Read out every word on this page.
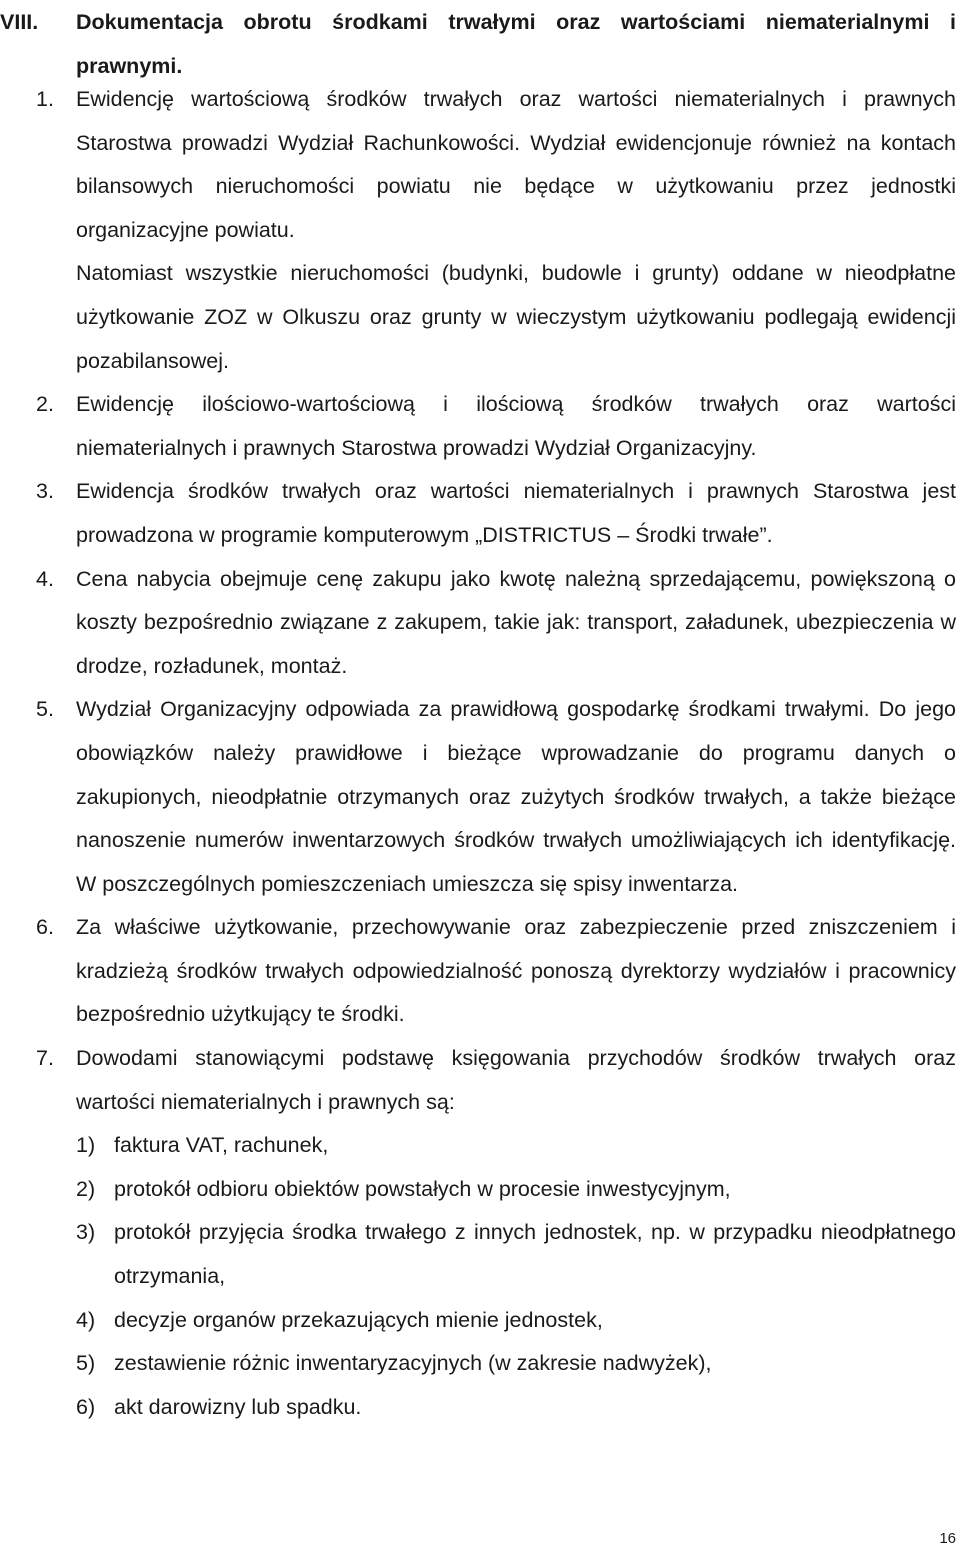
VIII. Dokumentacja obrotu środkami trwałymi oraz wartościami niematerialnymi i prawnymi.
1. Ewidencję wartościową środków trwałych oraz wartości niematerialnych i prawnych Starostwa prowadzi Wydział Rachunkowości. Wydział ewidencjonuje również na kontach bilansowych nieruchomości powiatu nie będące w użytkowaniu przez jednostki organizacyjne powiatu.

Natomiast wszystkie nieruchomości (budynki, budowle i grunty) oddane w nieodpłatne użytkowanie ZOZ w Olkuszu oraz grunty w wieczystym użytkowaniu podlegają ewidencji pozabilansowej.

2. Ewidencję ilościowo-wartościową i ilościową środków trwałych oraz wartości niematerialnych i prawnych Starostwa prowadzi Wydział Organizacyjny.

3. Ewidencja środków trwałych oraz wartości niematerialnych i prawnych Starostwa jest prowadzona w programie komputerowym „DISTRICTUS – Środki trwałe”.

4. Cena nabycia obejmuje cenę zakupu jako kwotę należną sprzedającemu, powiększoną o koszty bezpośrednio związane z zakupem, takie jak: transport, załadunek, ubezpieczenia w drodze, rozładunek, montaż.

5. Wydział Organizacyjny odpowiada za prawidłową gospodarkę środkami trwałymi. Do jego obowiązków należy prawidłowe i bieżące wprowadzanie do programu danych o zakupionych, nieodpłatnie otrzymanych oraz zużytych środków trwałych, a także bieżące nanoszenie numerów inwentarzowych środków trwałych umożliwiających ich identyfikację. W poszczególnych pomieszczeniach umieszcza się spisy inwentarza.

6. Za właściwe użytkowanie, przechowywanie oraz zabezpieczenie przed zniszczeniem i kradzieżą środków trwałych odpowiedzialność ponoszą dyrektorzy wydziałów i pracownicy bezpośrednio użytkujący te środki.

7. Dowodami stanowiącymi podstawę księgowania przychodów środków trwałych oraz wartości niematerialnych i prawnych są:

1) faktura VAT, rachunek,
2) protokół odbioru obiektów powstałych w procesie inwestycyjnym,
3) protokół przyjęcia środka trwałego z innych jednostek, np. w przypadku nieodpłatnego otrzymania,
4) decyzje organów przekazujących mienie jednostek,
5) zestawienie różnic inwentaryzacyjnych (w zakresie nadwyżek),
6) akt darowizny lub spadku.
16
